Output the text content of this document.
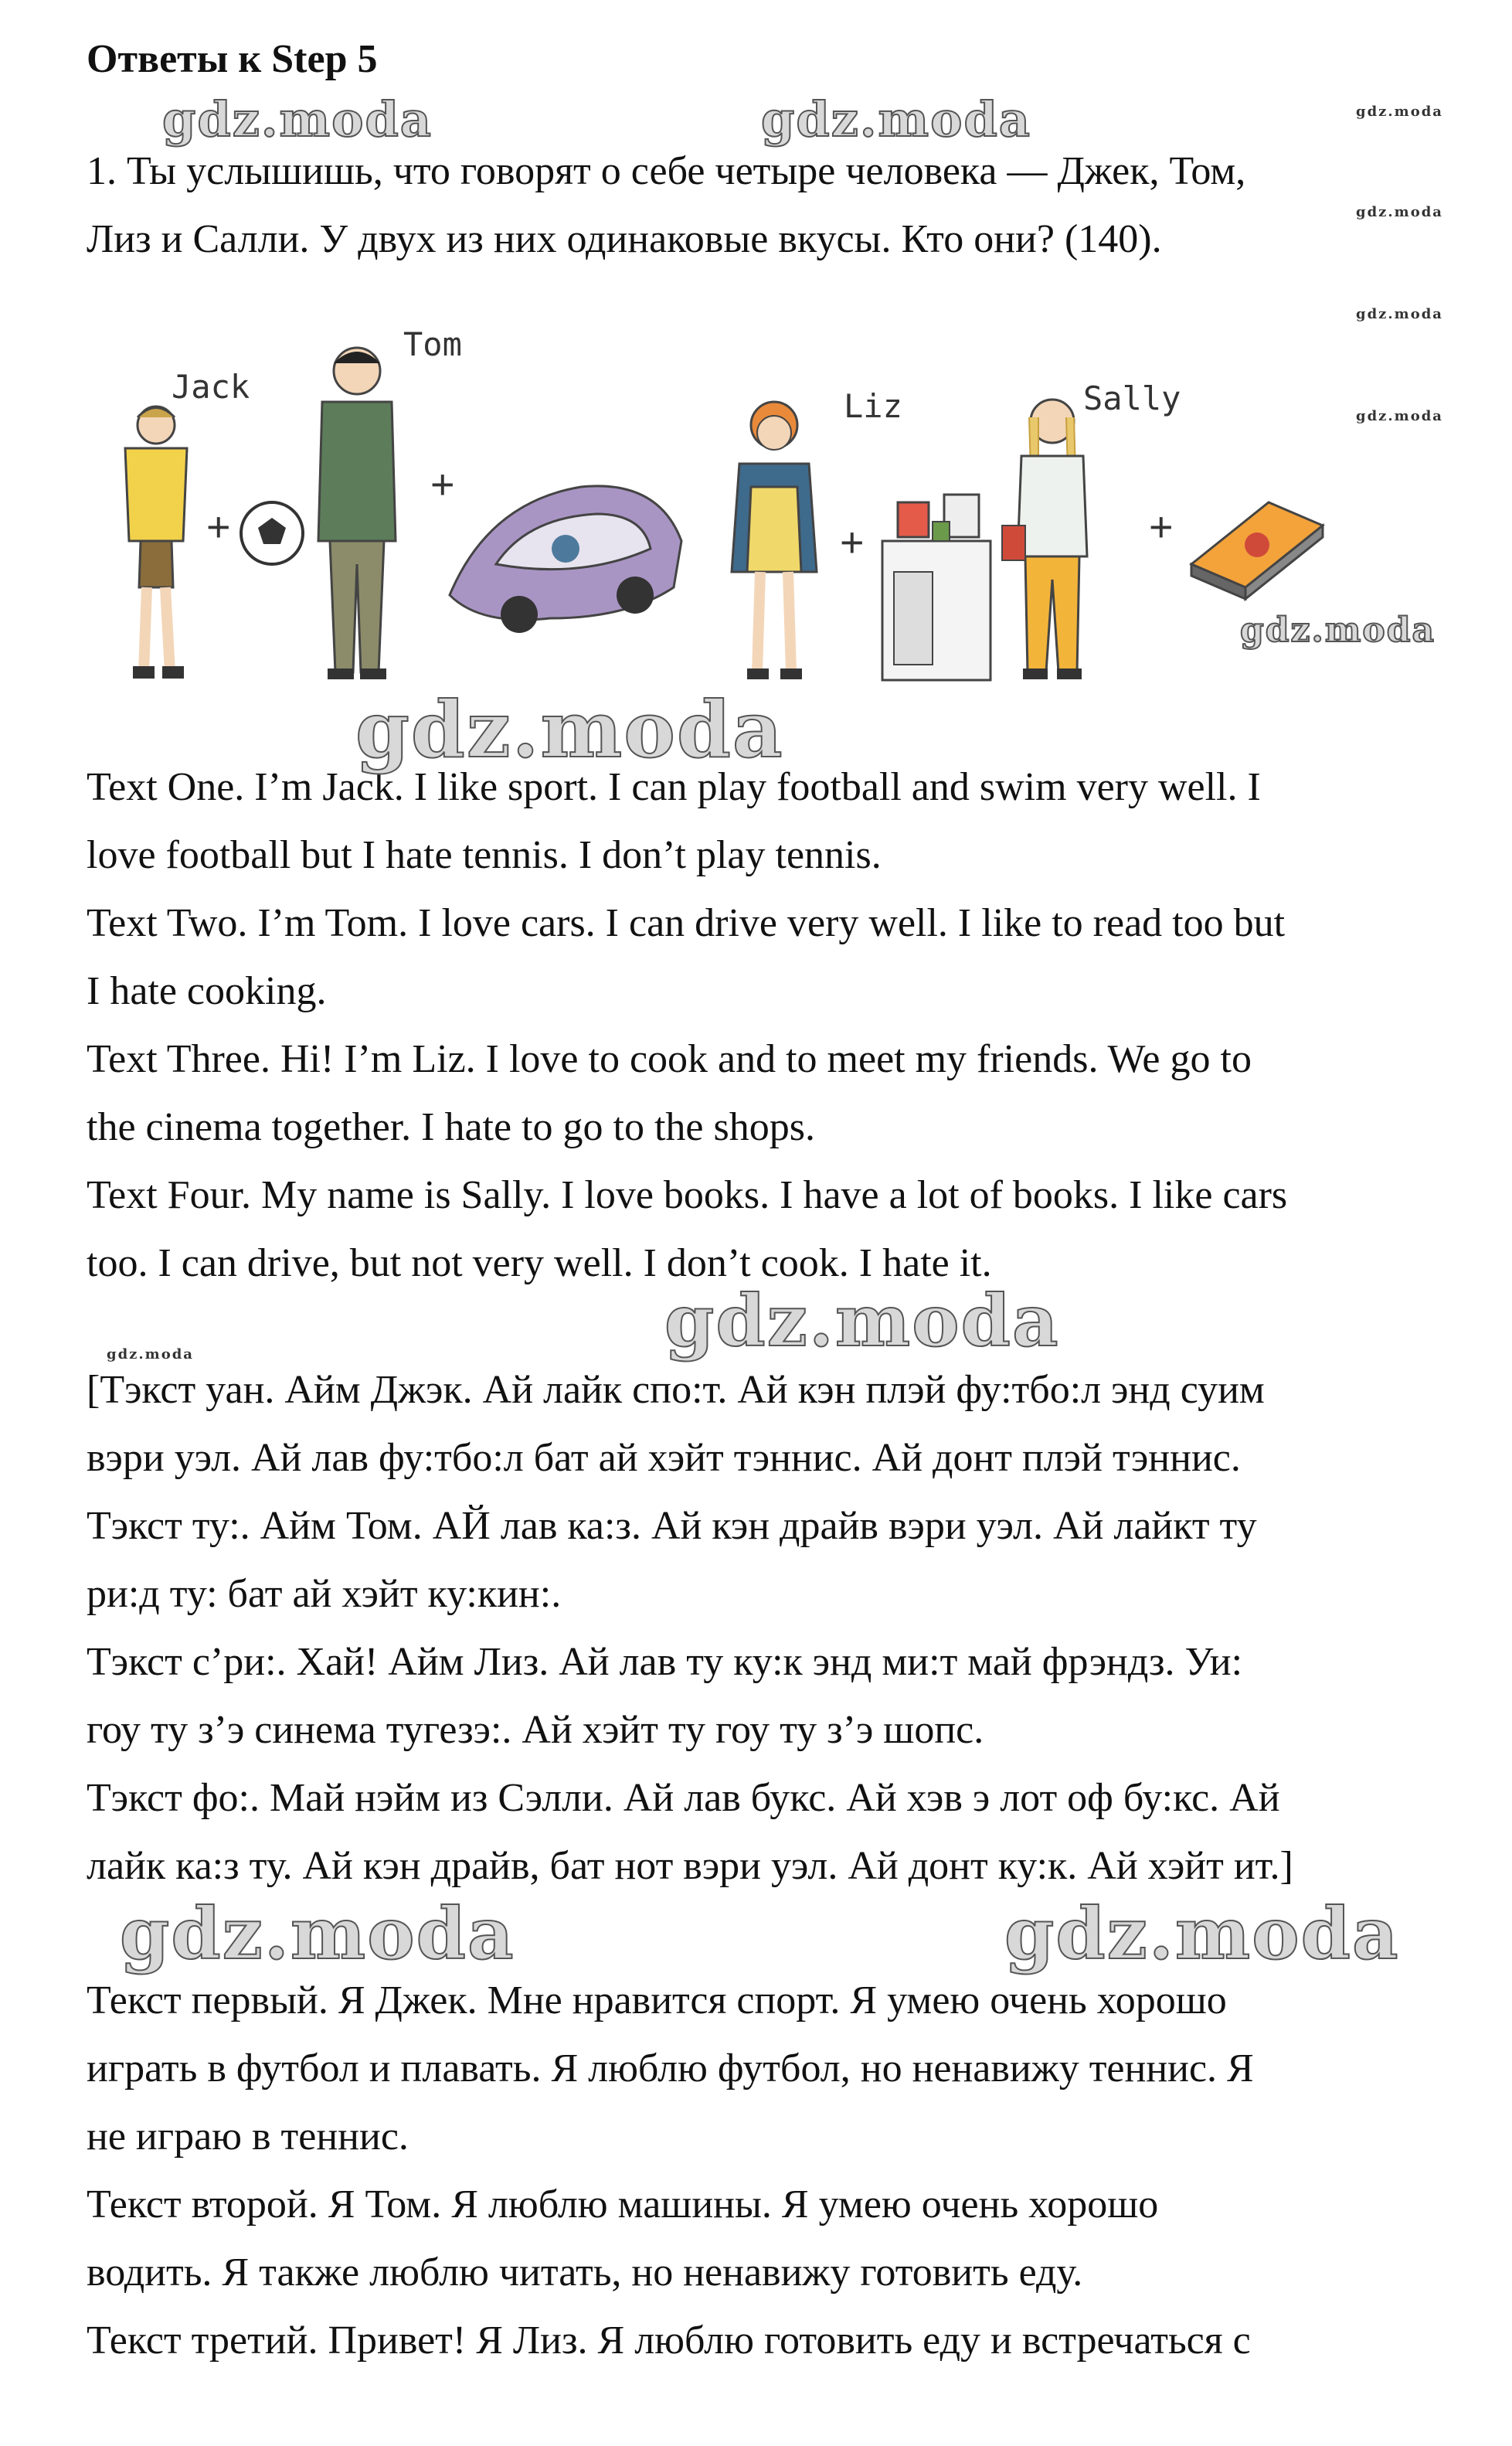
Ответы к Step 5

1. Ты услышишь, что говорят о себе четыре человека — Джек, Том,

Лиз и Салли. У двух из них одинаковые вкусы. Кто они? (140).

Jack
+
Tom
+
Liz
+
Sally
+

Text One. I’m Jack. I like sport. I can play football and swim very well. I

love football but I hate tennis. I don’t play tennis.

Text Two. I’m Tom. I love cars. I can drive very well. I like to read too but

I hate cooking.

Text Three. Hi! I’m Liz. I love to cook and to meet my friends. We go to

the cinema together. I hate to go to the shops.

Text Four. My name is Sally. I love books. I have a lot of books. I like cars

too. I can drive, but not very well. I don’t cook. I hate it.

[Тэкст уан. Айм Джэк. Ай лайк спо:т. Ай кэн плэй фу:тбо:л энд суим

вэри уэл. Ай лав фу:тбо:л бат ай хэйт тэннис. Ай донт плэй тэннис.

Тэкст ту:. Айм Том. АЙ лав ка:з. Ай кэн драйв вэри уэл. Ай лайкт ту

ри:д ту: бат ай хэйт ку:кин:.

Тэкст с’ри:. Хай! Айм Лиз. Ай лав ту ку:к энд ми:т май фрэндз. Уи:

гоу ту з’э синема тугезэ:. Ай хэйт ту гоу ту з’э шопс.

Тэкст фо:. Май нэйм из Сэлли. Ай лав букс. Ай хэв э лот оф бу:кс. Ай

лайк ка:з ту. Ай кэн драйв, бат нот вэри уэл. Ай донт ку:к. Ай хэйт ит.]

Текст первый. Я Джек. Мне нравится спорт. Я умею очень хорошо

играть в футбол и плавать. Я люблю футбол, но ненавижу теннис. Я

не играю в теннис.

Текст второй. Я Том. Я люблю машины. Я умею очень хорошо

водить. Я также люблю читать, но ненавижу готовить еду.

Текст третий. Привет! Я Лиз. Я люблю готовить еду и встречаться с

gdz.moda	gdz.moda	gdz.moda
gdz.moda
gdz.moda
gdz.moda
gdz.moda
gdz.moda
gdz.moda
gdz.moda
gdz.moda	gdz.moda
